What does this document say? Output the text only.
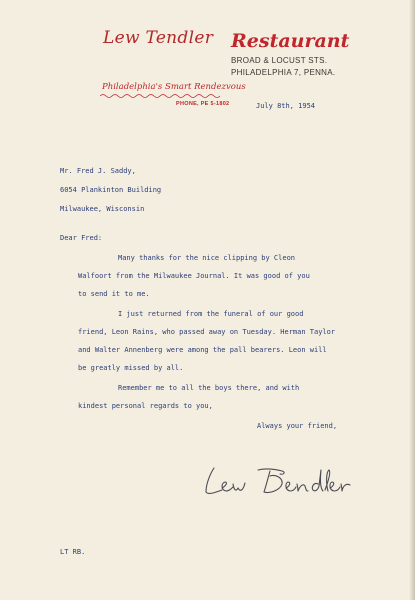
Lew Tendler Restaurant
BROAD & LOCUST STS.
PHILADELPHIA 7, PENNA.
Philadelphia's Smart Rendezvous
PHONE, PE 5-1802	July 8th, 1954
Mr. Fred J. Saddy,
6054 Plankinton Building
Milwaukee, Wisconsin
Dear Fred:
Many thanks for the nice clipping by Cleon
Walfoort from the Milwaukee Journal. It was good of you
to send it to me.
I just returned from the funeral of our good
friend, Leon Rains, who passed away on Tuesday. Herman Taylor
and Walter Annenberg were among the pall bearers. Leon will
be greatly missed by all.
Remember me to all the boys there, and with
kindest personal regards to you,
Always your friend,
LT RB.
